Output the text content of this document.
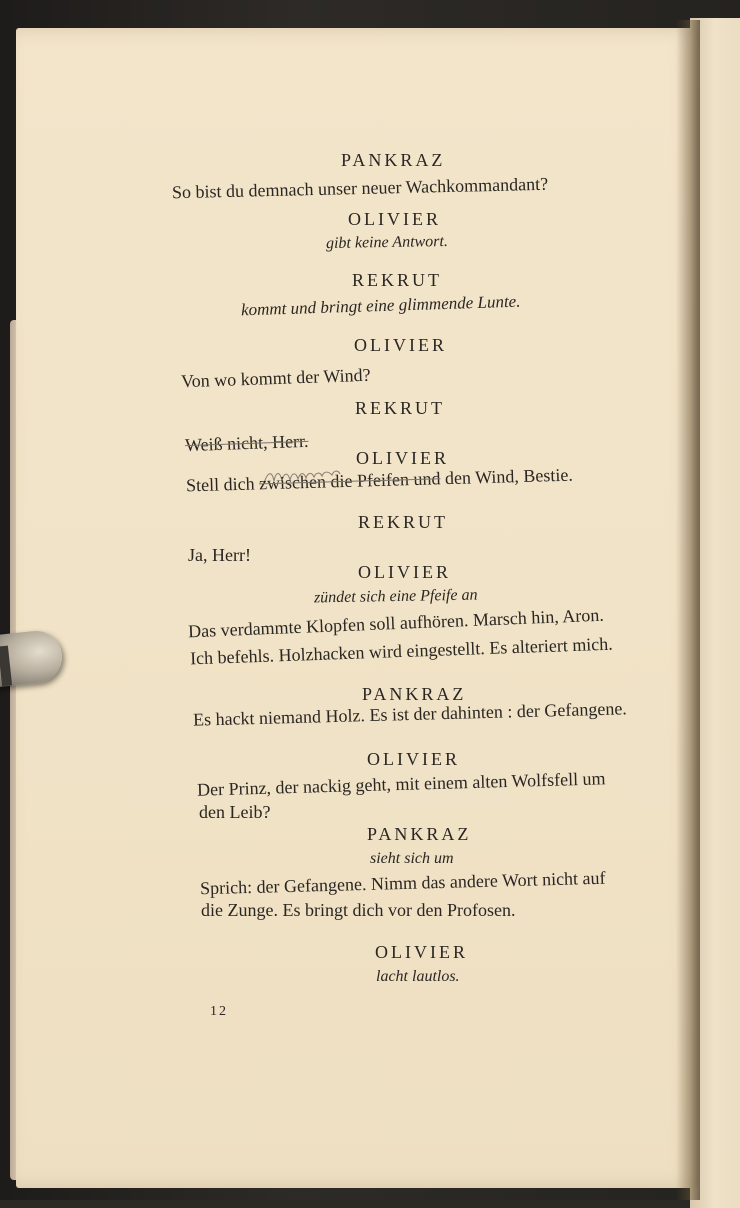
PANKRAZ
So bist du demnach unser neuer Wachkommandant?
OLIVIER
gibt keine Antwort.
REKRUT
kommt und bringt eine glimmende Lunte.
OLIVIER
Von wo kommt der Wind?
REKRUT
Weiß nicht, Herr.
OLIVIER
Stell dich zwischen die Pfeifen und den Wind, Bestie.
REKRUT
Ja, Herr!
OLIVIER
zündet sich eine Pfeife an
Das verdammte Klopfen soll aufhören. Marsch hin, Aron.
Ich befehls. Holzhacken wird eingestellt. Es alteriert mich.
PANKRAZ
Es hackt niemand Holz. Es ist der dahinten : der Gefangene.
OLIVIER
Der Prinz, der nackig geht, mit einem alten Wolfsfell um
den Leib?
PANKRAZ
sieht sich um
Sprich: der Gefangene. Nimm das andere Wort nicht auf
die Zunge. Es bringt dich vor den Profosen.
OLIVIER
lacht lautlos.
12
